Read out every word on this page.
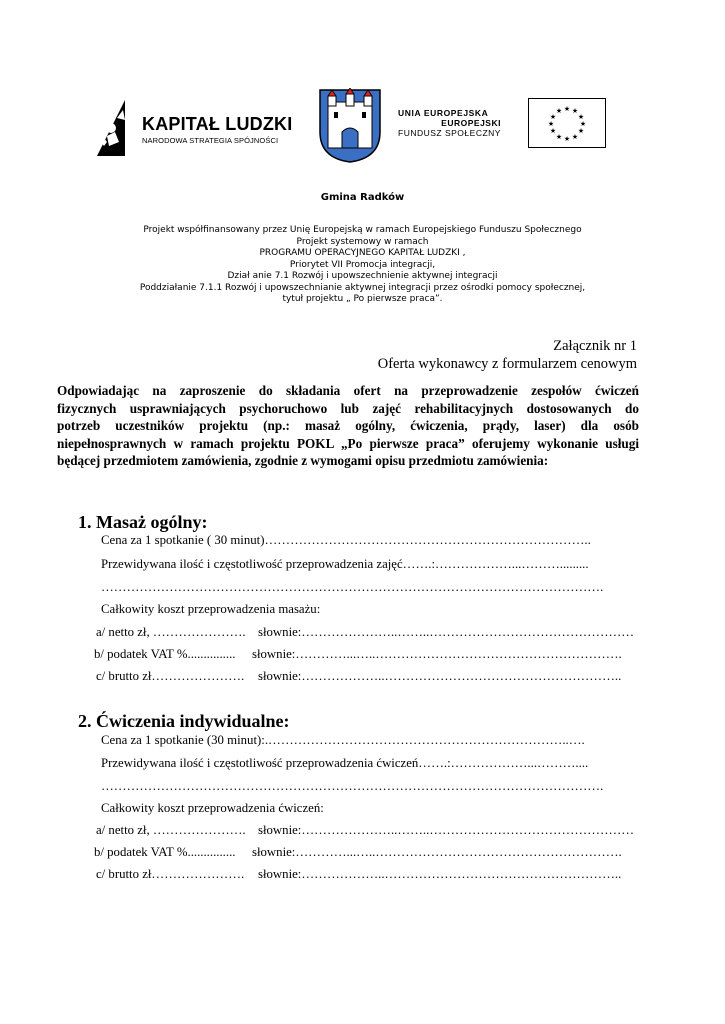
KAPITAŁ LUDZKI
NARODOWA STRATEGIA SPÓJNOŚCI
UNIA EUROPEJSKA
EUROPEJSKI
FUNDUSZ SPOŁECZNY
★ ★
★
★
★
★
★
★
★
★
★
★
Gmina Radków
Projekt współfinansowany przez Unię Europejską w ramach Europejskiego Funduszu Społecznego
Projekt systemowy w ramach
PROGRAMU OPERACYJNEGO KAPITAŁ LUDZKI ,
Priorytet VII Promocja integracji,
Dział anie 7.1 Rozwój i upowszechnienie aktywnej integracji
Poddziałanie 7.1.1 Rozwój i upowszechnianie aktywnej integracji przez ośrodki pomocy społecznej,
tytuł projektu „ Po pierwsze praca”.
Załącznik nr 1
Oferta wykonawcy z formularzem cenowym
Odpowiadając na zaproszenie do składania ofert na przeprowadzenie zespołów ćwiczeń
fizycznych usprawniających psychoruchowo lub zajęć rehabilitacyjnych dostosowanych do
potrzeb uczestników projektu (np.: masaż ogólny, ćwiczenia, prądy, laser) dla osób
niepełnosprawnych w ramach projektu POKL „Po pierwsze praca” oferujemy wykonanie usługi
będącej przedmiotem zamówienia, zgodnie z wymogami opisu przedmiotu zamówienia:
1. Masaż ogólny:
Cena za 1 spotkanie ( 30 minut)…………………………………………………………………..
Przewidywana ilość i częstotliwość przeprowadzenia zajęć…….:………………...……….........
……………………………………………………………………………………………………….
Całkowity koszt przeprowadzenia masażu:
a/ netto zł, …………………. słownie:…………………..……..…………………………………………
b/ podatek VAT %............... słownie:…………...…..………………………………………………….
c/ brutto zł…………………. słownie:………………..………………………………………………..
2. Ćwiczenia indywidualne:
Cena za 1 spotkanie (30 minut):.……………………………………………………………..….
Przewidywana ilość i częstotliwość przeprowadzenia ćwiczeń…….:………………...………....
……………………………………………………………………………………………………….
Całkowity koszt przeprowadzenia ćwiczeń:
a/ netto zł, …………………. słownie:…………………..……..…………………………………………
b/ podatek VAT %............... słownie:…………...…..………………………………………………….
c/ brutto zł…………………. słownie:………………..………………………………………………..
